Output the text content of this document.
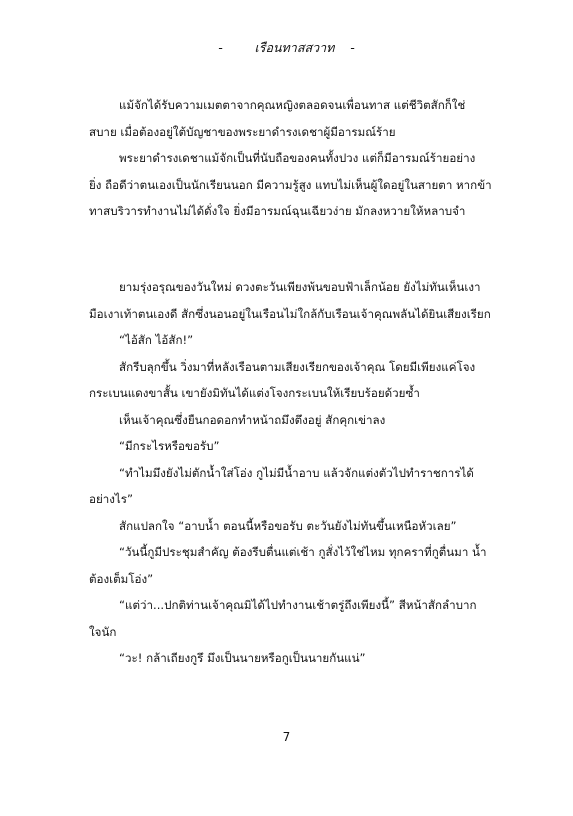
-	เรือนทาสสวาท -
แม้จักได้รับความเมตตาจากคุณหญิงตลอดจนเพื่อนทาส แต่ชีวิตสักก็ใช่
สบาย เมื่อต้องอยู่ใต้บัญชาของพระยาดำรงเดชาผู้มีอารมณ์ร้าย
พระยาดำรงเดชาแม้จักเป็นที่นับถือของคนทั้งปวง แต่ก็มีอารมณ์ร้ายอย่าง
ยิ่ง ถือดีว่าตนเองเป็นนักเรียนนอก มีความรู้สูง แทบไม่เห็นผู้ใดอยู่ในสายตา หากข้า
ทาสบริวารทำงานไม่ได้ดั่งใจ ยิ่งมีอารมณ์ฉุนเฉียวง่าย มักลงหวายให้หลาบจำ
ยามรุ่งอรุณของวันใหม่ ดวงตะวันเพียงพ้นขอบฟ้าเล็กน้อย ยังไม่ทันเห็นเงา
มือเงาเท้าตนเองดี สักซึ่งนอนอยู่ในเรือนไม่ใกล้กับเรือนเจ้าคุณพลันได้ยินเสียงเรียก
“ไอ้สัก ไอ้สัก!”
สักรีบลุกขึ้น วิ่งมาที่หลังเรือนตามเสียงเรียกของเจ้าคุณ โดยมีเพียงแค่โจง
กระเบนแดงขาสั้น เขายังมิทันได้แต่งโจงกระเบนให้เรียบร้อยด้วยซ้ำ
เห็นเจ้าคุณซึ่งยืนกอดอกทำหน้าถมึงตึงอยู่ สักคุกเข่าลง
“มีกระไรหรือขอรับ”
“ทำไมมึงยังไม่ตักน้ำใส่โอ่ง กูไม่มีน้ำอาบ แล้วจักแต่งตัวไปทำราชการได้
อย่างไร”
สักแปลกใจ “อาบน้ำ ตอนนี้หรือขอรับ ตะวันยังไม่ทันขึ้นเหนือหัวเลย”
“วันนี้กูมีประชุมสำคัญ ต้องรีบตื่นแต่เช้า กูสั่งไว้ใช่ไหม ทุกคราที่กูตื่นมา น้ำ
ต้องเต็มโอ่ง”
“แต่ว่า...ปกติท่านเจ้าคุณมิได้ไปทำงานเช้าตรู่ถึงเพียงนี้” สีหน้าสักลำบาก
ใจนัก
“วะ! กล้าเถียงกูรึ มึงเป็นนายหรือกูเป็นนายกันแน่”
7
